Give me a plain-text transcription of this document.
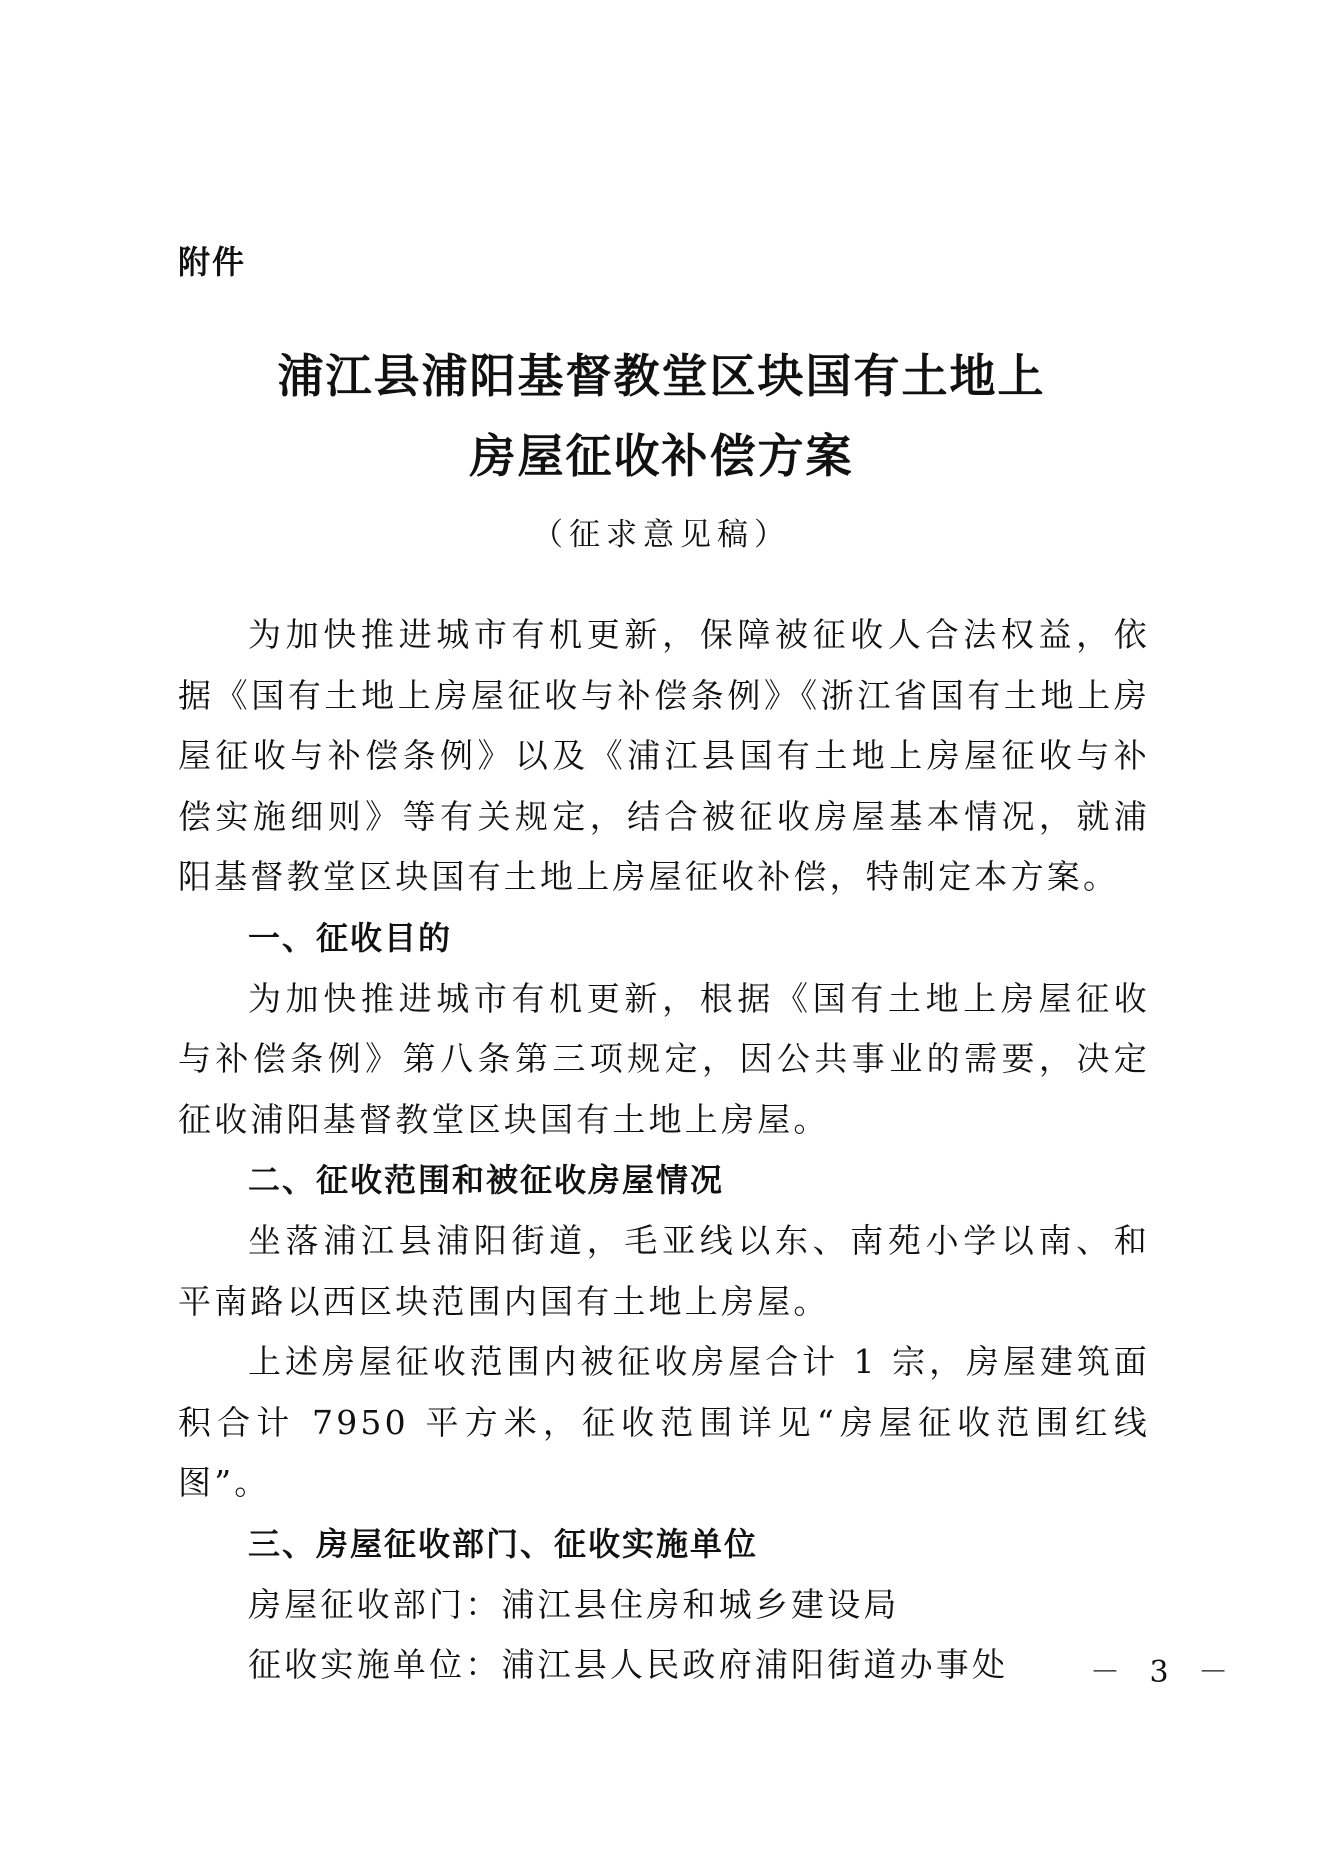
附件
浦江县浦阳基督教堂区块国有土地上
房屋征收补偿方案
（征求意见稿）

为加快推进城市有机更新，保障被征收人合法权益，依据《国有土地上房屋征收与补偿条例》《浙江省国有土地上房屋征收与补偿条例》以及《浦江县国有土地上房屋征收与补偿实施细则》等有关规定，结合被征收房屋基本情况，就浦阳基督教堂区块国有土地上房屋征收补偿，特制定本方案。

一、征收目的

为加快推进城市有机更新，根据《国有土地上房屋征收与补偿条例》第八条第三项规定，因公共事业的需要，决定征收浦阳基督教堂区块国有土地上房屋。

二、征收范围和被征收房屋情况

坐落浦江县浦阳街道，毛亚线以东、南苑小学以南、和平南路以西区块范围内国有土地上房屋。

上述房屋征收范围内被征收房屋合计 1 宗，房屋建筑面积合计 7950 平方米，征收范围详见“房屋征收范围红线图”。

三、房屋征收部门、征收实施单位

房屋征收部门：浦江县住房和城乡建设局

征收实施单位：浦江县人民政府浦阳街道办事处	－ 3 －
